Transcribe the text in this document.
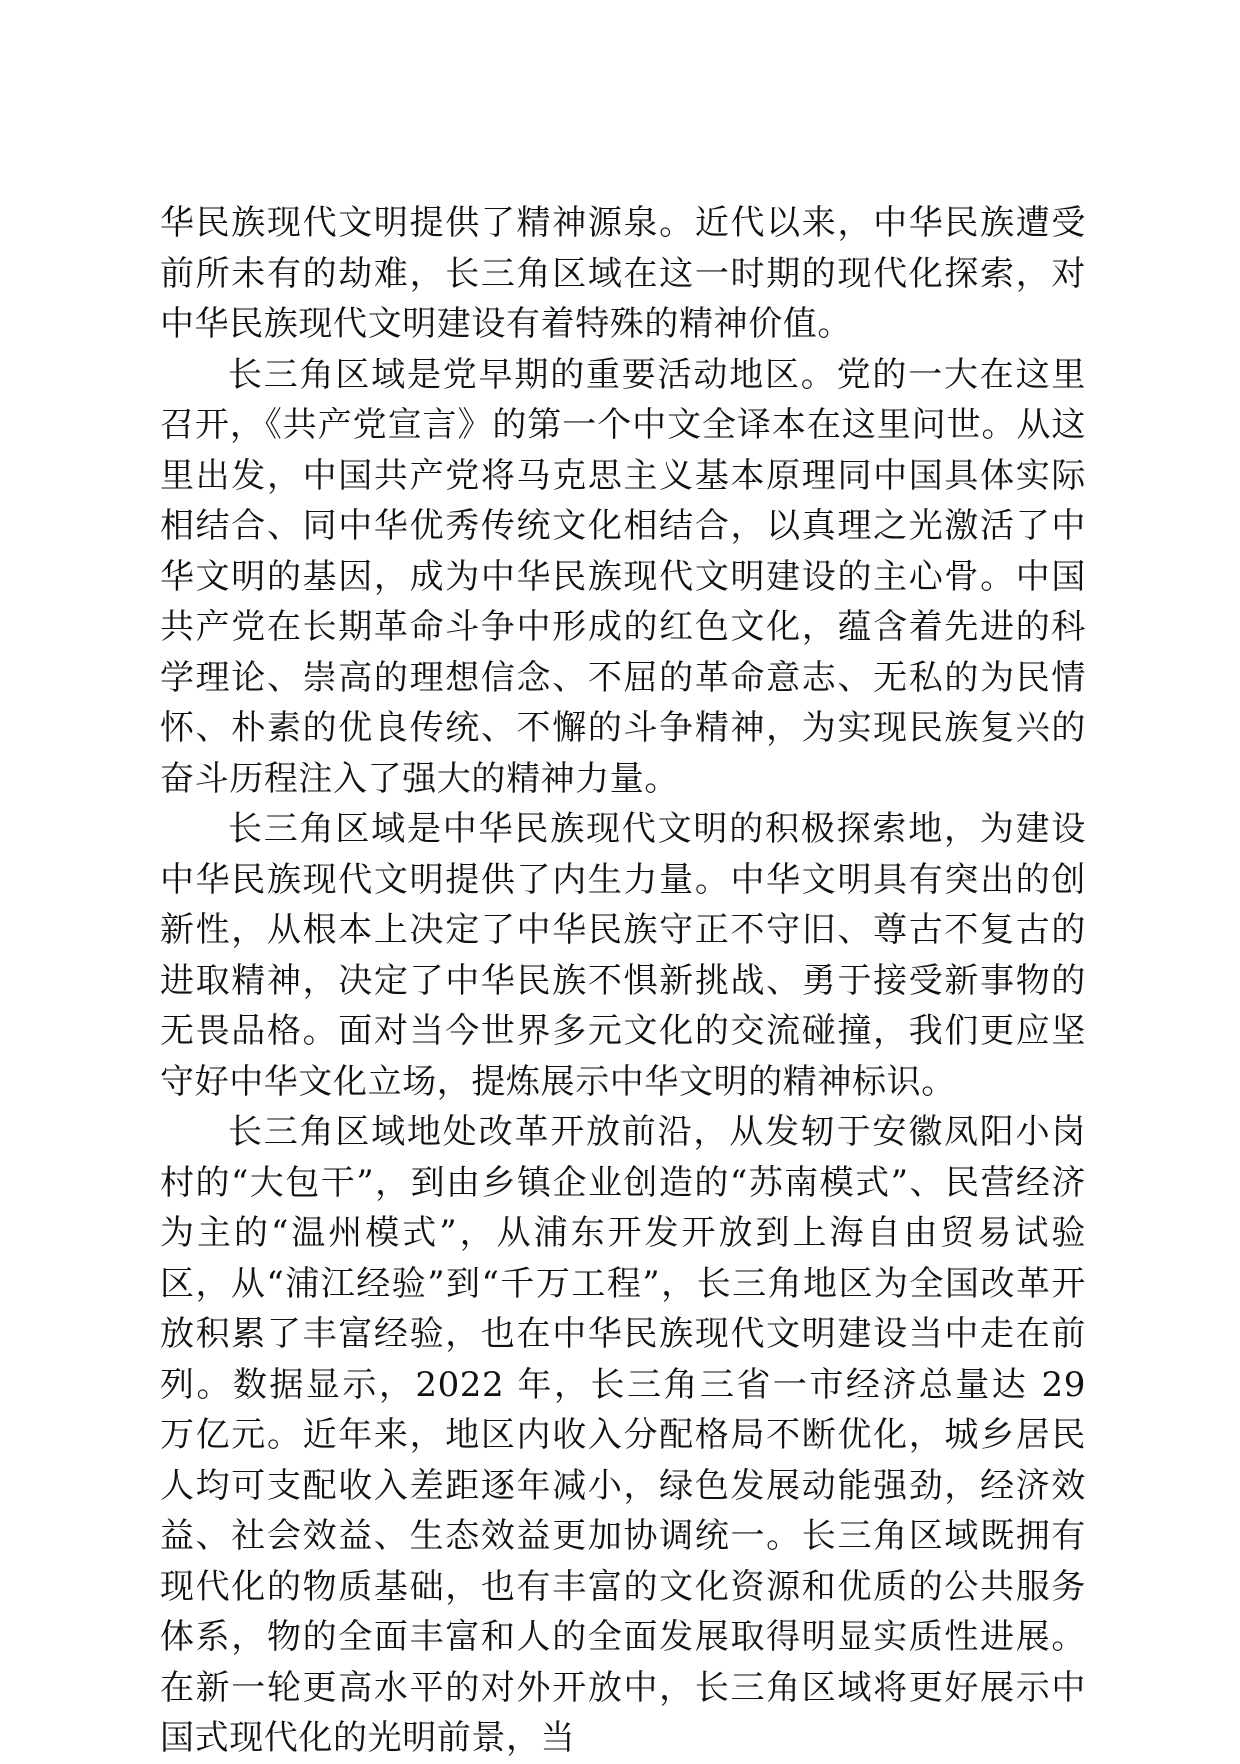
华民族现代文明提供了精神源泉。近代以来，中华民族遭受前所未有的劫难，长三角区域在这一时期的现代化探索，对中华民族现代文明建设有着特殊的精神价值。

长三角区域是党早期的重要活动地区。党的一大在这里召开，《共产党宣言》的第一个中文全译本在这里问世。从这里出发，中国共产党将马克思主义基本原理同中国具体实际相结合、同中华优秀传统文化相结合，以真理之光激活了中华文明的基因，成为中华民族现代文明建设的主心骨。中国共产党在长期革命斗争中形成的红色文化，蕴含着先进的科学理论、崇高的理想信念、不屈的革命意志、无私的为民情怀、朴素的优良传统、不懈的斗争精神，为实现民族复兴的奋斗历程注入了强大的精神力量。

长三角区域是中华民族现代文明的积极探索地，为建设中华民族现代文明提供了内生力量。中华文明具有突出的创新性，从根本上决定了中华民族守正不守旧、尊古不复古的进取精神，决定了中华民族不惧新挑战、勇于接受新事物的无畏品格。面对当今世界多元文化的交流碰撞，我们更应坚守好中华文化立场，提炼展示中华文明的精神标识。

长三角区域地处改革开放前沿，从发轫于安徽凤阳小岗村的“大包干”，到由乡镇企业创造的“苏南模式”、民营经济为主的“温州模式”，从浦东开发开放到上海自由贸易试验区，从“浦江经验”到“千万工程”，长三角地区为全国改革开放积累了丰富经验，也在中华民族现代文明建设当中走在前列。数据显示，2022 年，长三角三省一市经济总量达 29 万亿元。近年来，地区内收入分配格局不断优化，城乡居民人均可支配收入差距逐年减小，绿色发展动能强劲，经济效益、社会效益、生态效益更加协调统一。长三角区域既拥有现代化的物质基础，也有丰富的文化资源和优质的公共服务体系，物的全面丰富和人的全面发展取得明显实质性进展。在新一轮更高水平的对外开放中，长三角区域将更好展示中国式现代化的光明前景，当
